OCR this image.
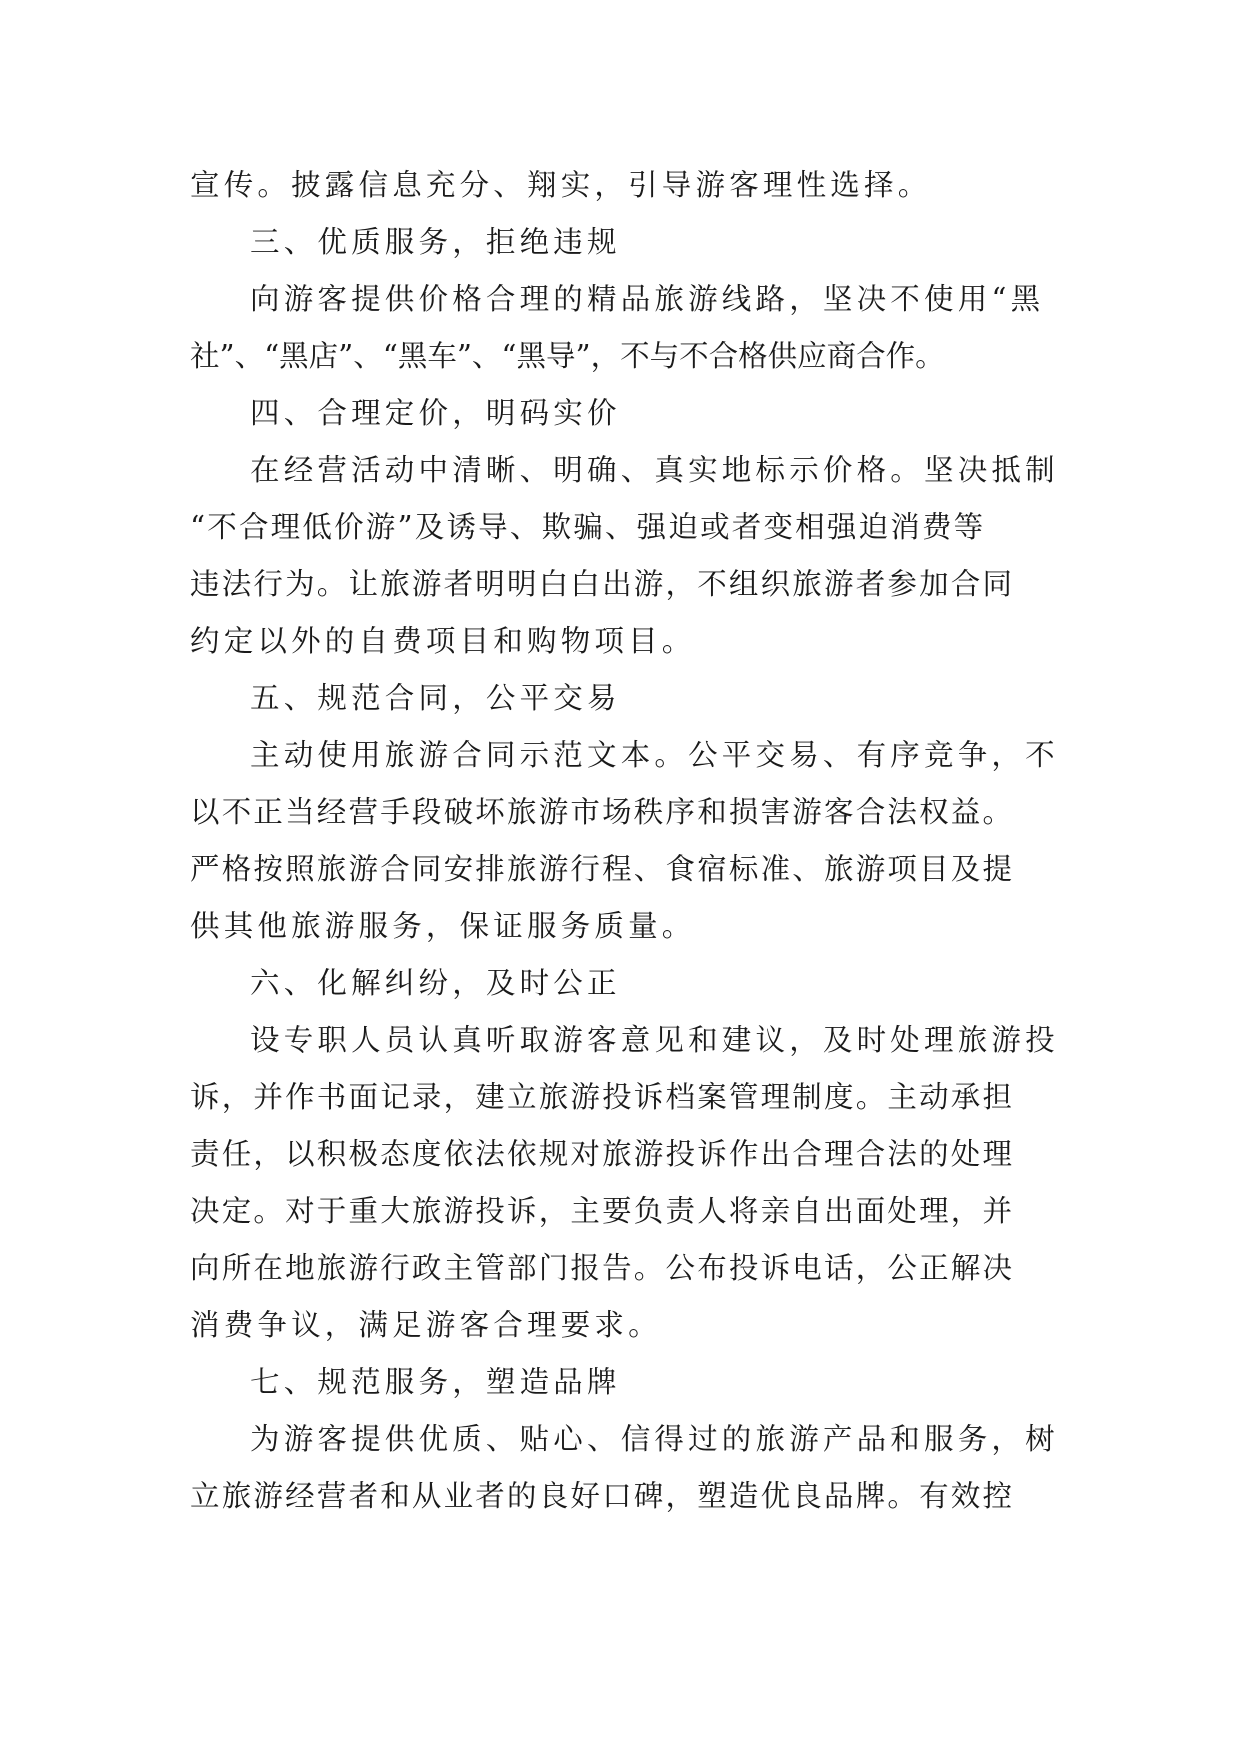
宣传。披露信息充分、翔实，引导游客理性选择。
三、优质服务，拒绝违规
向游客提供价格合理的精品旅游线路，坚决不使用“黑
社”、“黑店”、“黑车”、“黑导”，不与不合格供应商合作。
四、合理定价，明码实价
在经营活动中清晰、明确、真实地标示价格。坚决抵制
“不合理低价游”及诱导、欺骗、强迫或者变相强迫消费等
违法行为。让旅游者明明白白出游，不组织旅游者参加合同
约定以外的自费项目和购物项目。
五、规范合同，公平交易
主动使用旅游合同示范文本。公平交易、有序竞争，不
以不正当经营手段破坏旅游市场秩序和损害游客合法权益。
严格按照旅游合同安排旅游行程、食宿标准、旅游项目及提
供其他旅游服务，保证服务质量。
六、化解纠纷，及时公正
设专职人员认真听取游客意见和建议，及时处理旅游投
诉，并作书面记录，建立旅游投诉档案管理制度。主动承担
责任，以积极态度依法依规对旅游投诉作出合理合法的处理
决定。对于重大旅游投诉，主要负责人将亲自出面处理，并
向所在地旅游行政主管部门报告。公布投诉电话，公正解决
消费争议，满足游客合理要求。
七、规范服务，塑造品牌
为游客提供优质、贴心、信得过的旅游产品和服务，树
立旅游经营者和从业者的良好口碑，塑造优良品牌。有效控
